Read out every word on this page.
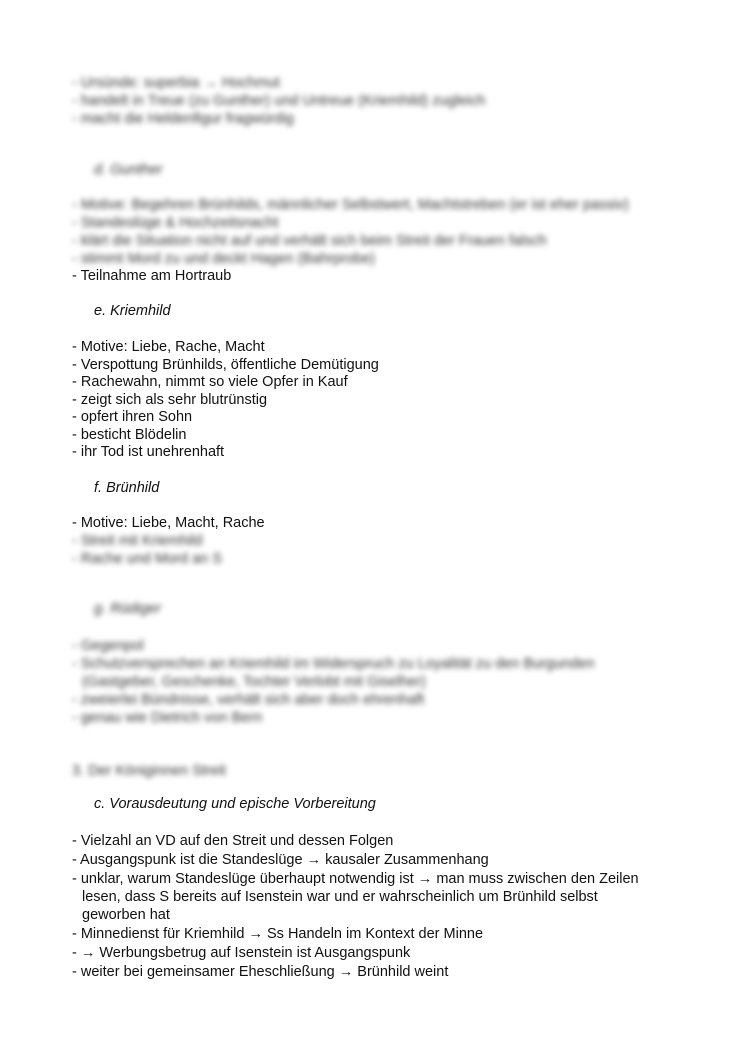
- Ursünde: superbia → Hochmut
- handelt in Treue (zu Gunther) und Untreue (Kriemhild) zugleich
- macht die Heldenfigur fragwürdig
d. Gunther
- Motive: Begehren Brünhilds, männlicher Selbstwert, Machtstreben (er ist eher passiv)
- Standeslüge & Hochzeitsnacht
- klärt die Situation nicht auf und verhält sich beim Streit der Frauen falsch
- stimmt Mord zu und deckt Hagen (Bahrprobe)
- Teilnahme am Hortraub
e. Kriemhild
- Motive: Liebe, Rache, Macht
- Verspottung Brünhilds, öffentliche Demütigung
- Rachewahn, nimmt so viele Opfer in Kauf
- zeigt sich als sehr blutrünstig
- opfert ihren Sohn
- besticht Blödelin
- ihr Tod ist unehrenhaft
f. Brünhild
- Motive: Liebe, Macht, Rache
- Streit mit Kriemhild
- Rache und Mord an S
g. Rüdiger
- Gegenpol
- Schutzversprechen an Kriemhild im Widerspruch zu Loyalität zu den Burgunden
(Gastgeber, Geschenke, Tochter Verlobt mit Giselher)
- zweierlei Bündnisse, verhält sich aber doch ehrenhaft
- genau wie Dietrich von Bern
3. Der Königinnen Streit
c. Vorausdeutung und epische Vorbereitung
- Vielzahl an VD auf den Streit und dessen Folgen
- Ausgangspunk ist die Standeslüge → kausaler Zusammenhang
- unklar, warum Standeslüge überhaupt notwendig ist → man muss zwischen den Zeilen
lesen, dass S bereits auf Isenstein war und er wahrscheinlich um Brünhild selbst
geworben hat
- Minnedienst für Kriemhild → Ss Handeln im Kontext der Minne
- → Werbungsbetrug auf Isenstein ist Ausgangspunk
- weiter bei gemeinsamer Eheschließung → Brünhild weint
